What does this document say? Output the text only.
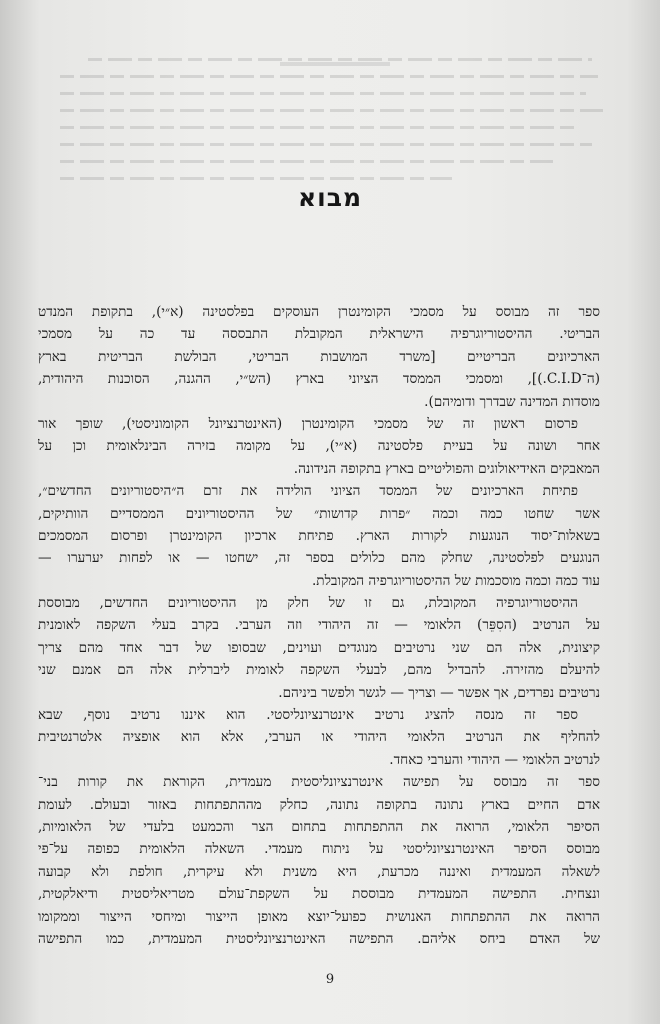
מבוא

ספר זה מבוסס על מסמכי הקומינטרן העוסקים בפלסטינה (א״י), בתקופת המנדט
הבריטי. ההיסטוריוגרפיה הישראלית המקובלת התבססה עד כה על מסמכי
הארכיונים הבריטיים [משרד המושבות הבריטי, הבולשת הבריטית בארץ
(ה־C.I.D.)], ומסמכי הממסד הציוני בארץ (הש״י, ההגנה, הסוכנות היהודית,
מוסדות המדינה שבדרך ודומיהם).

פרסום ראשון זה של מסמכי הקומינטרן (האינטרנציונל הקומוניסטי), שופך אור
אחר ושונה על בעיית פלסטינה (א״י), על מקומה בזירה הבינלאומית וכן על
המאבקים האידיאולוגים והפוליטיים בארץ בתקופה הנידונה.

פתיחת הארכיונים של הממסד הציוני הולידה את זרם ה״היסטוריונים החדשים״,
אשר שחטו כמה וכמה ״פרות קדושות״ של ההיסטוריונים הממסדיים הוותיקים,
בשאלות־יסוד הנוגעות לקורות הארץ. פתיחת ארכיון הקומינטרן ופרסום המסמכים
הנוגעים לפלסטינה, שחלק מהם כלולים בספר זה, ישחטו — או לפחות יערערו —
עוד כמה וכמה מוסכמות של ההיסטוריוגרפיה המקובלת.

ההיסטוריוגרפיה המקובלת, גם זו של חלק מן ההיסטוריונים החדשים, מבוססת
על הנרטיב (הסִפֵּר) הלאומי — זה היהודי וזה הערבי. בקרב בעלי השקפה לאומנית
קיצונית, אלה הם שני נרטיבים מנוגדים ועוינים, שבסופו של דבר אחד מהם צריך
להיעלם מהזירה. להבדיל מהם, לבעלי השקפה לאומית ליברלית אלה הם אמנם שני
נרטיבים נפרדים, אך אפשר — וצריך — לגשר ולפשר ביניהם.

ספר זה מנסה להציג נרטיב אינטרנציונליסטי. הוא איננו נרטיב נוסף, שבא
להחליף את הנרטיב הלאומי היהודי או הערבי, אלא הוא אופציה אלטרנטיבית
לנרטיב הלאומי — היהודי והערבי כאחד.

ספר זה מבוסס על תפישה אינטרנציונליסטית מעמדית, הקוראת את קורות בני־
אדם החיים בארץ נתונה בתקופה נתונה, כחלק מההתפתחות באזור ובעולם. לעומת
הסיפר הלאומי, הרואה את ההתפתחות בתחום הצר והכמעט בלעדי של הלאומיות,
מבוסס הסיפר האינטרנציונליסטי על ניתוח מעמדי. השאלה הלאומית כפופה על־פי
לשאלה המעמדית ואיננה מכרעת, היא משנית ולא עיקרית, חולפת ולא קבועה
ונצחית. התפישה המעמדית מבוססת על השקפת־עולם מטריאליסטית ודיאלקטית,
הרואה את ההתפתחות האנושית כפועל־יוצא מאופן הייצור ומיחסי הייצור וממקומו
של האדם ביחס אליהם. התפישה האינטרנציונליסטית המעמדית, כמו התפישה

9
